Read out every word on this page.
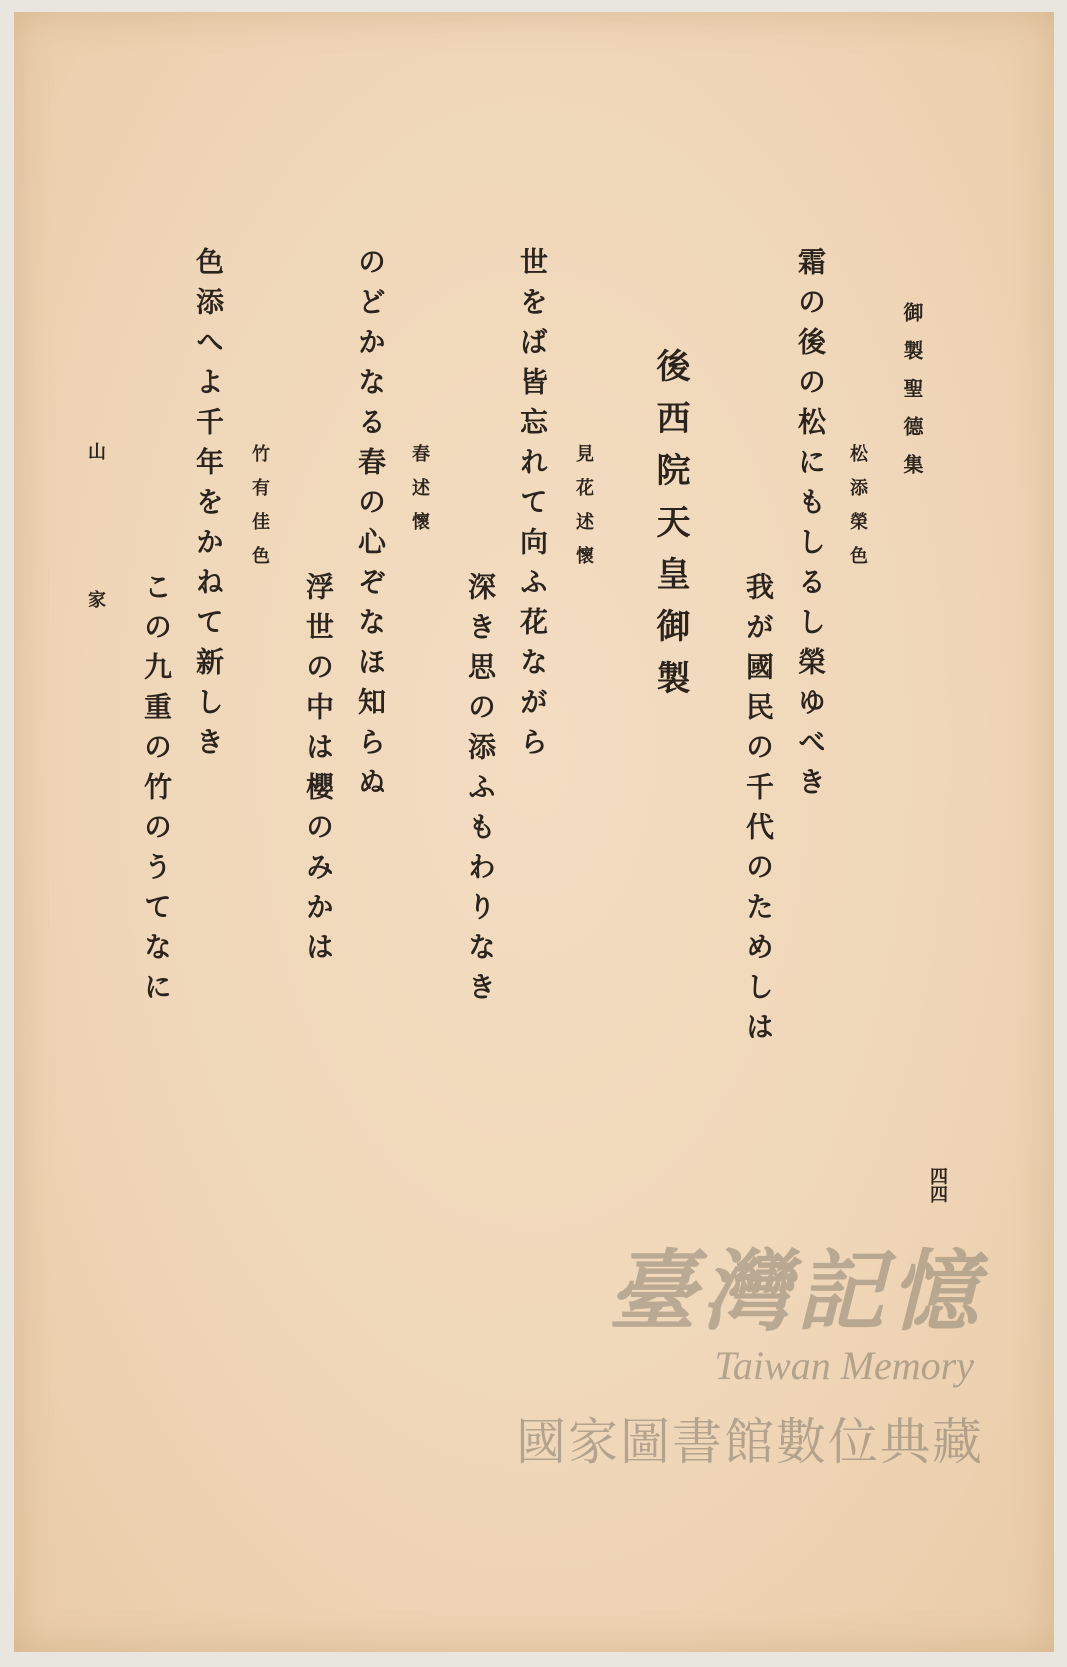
御製聖德集
松添榮色
霜の後の松にもしるし榮ゆべき
我が國民の千代のためしは
後西院天皇御製
見花述懷
世をば皆忘れて向ふ花ながら
深き思の添ふもわりなき
春述懷
のどかなる春の心ぞなほ知らぬ
浮世の中は櫻のみかは
竹有佳色
色添へよ千年をかねて新しき
この九重の竹のうてなに
山家
四四
臺灣記憶
Taiwan Memory
國家圖書館數位典藏
